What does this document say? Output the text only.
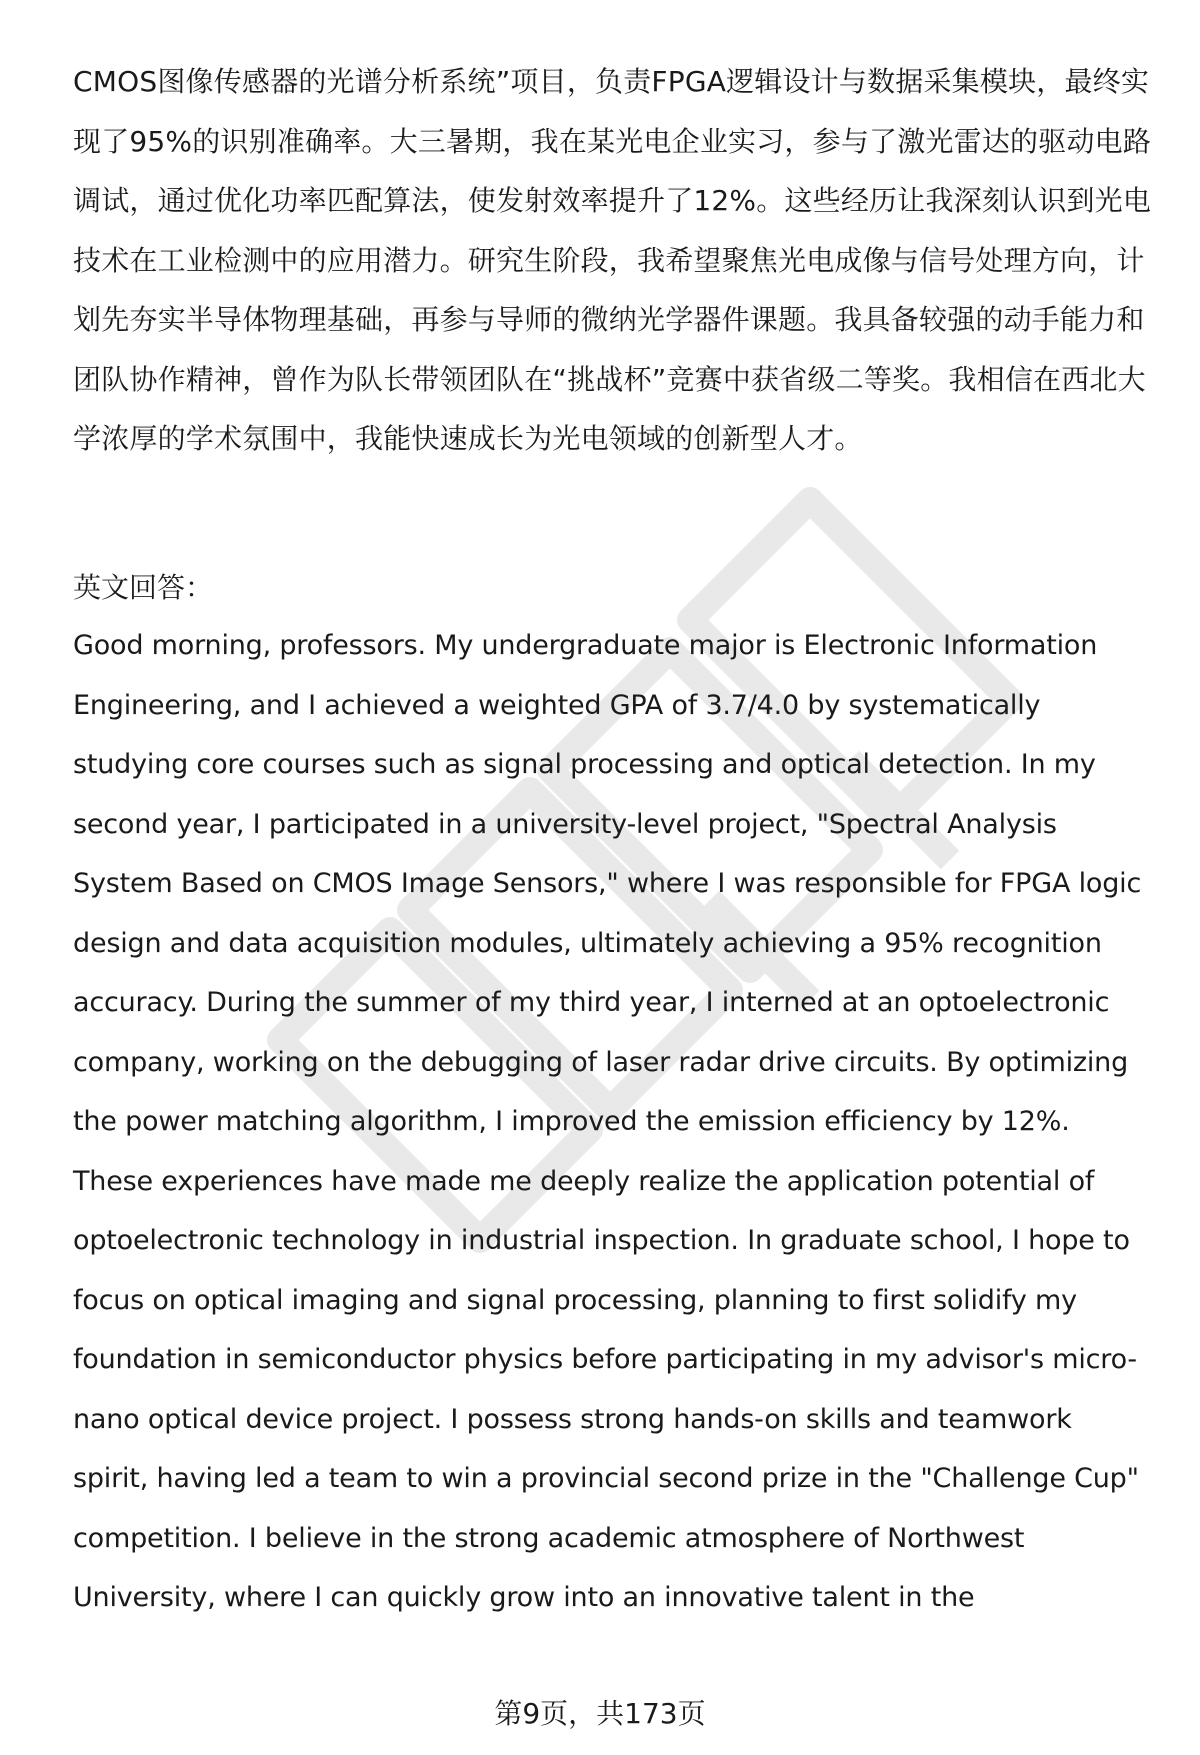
CMOS图像传感器的光谱分析系统”项目，负责FPGA逻辑设计与数据采集模块，最终实现了95%的识别准确率。大三暑期，我在某光电企业实习，参与了激光雷达的驱动电路调试，通过优化功率匹配算法，使发射效率提升了12%。这些经历让我深刻认识到光电技术在工业检测中的应用潜力。研究生阶段，我希望聚焦光电成像与信号处理方向，计划先夯实半导体物理基础，再参与导师的微纳光学器件课题。我具备较强的动手能力和团队协作精神，曾作为队长带领团队在“挑战杯”竞赛中获省级二等奖。我相信在西北大学浓厚的学术氛围中，我能快速成长为光电领域的创新型人才。

英文回答：

Good morning, professors. My undergraduate major is Electronic Information Engineering, and I achieved a weighted GPA of 3.7/4.0 by systematically studying core courses such as signal processing and optical detection. In my second year, I participated in a university-level project, "Spectral Analysis System Based on CMOS Image Sensors," where I was responsible for FPGA logic design and data acquisition modules, ultimately achieving a 95% recognition accuracy. During the summer of my third year, I interned at an optoelectronic company, working on the debugging of laser radar drive circuits. By optimizing the power matching algorithm, I improved the emission efficiency by 12%. These experiences have made me deeply realize the application potential of optoelectronic technology in industrial inspection. In graduate school, I hope to focus on optical imaging and signal processing, planning to first solidify my foundation in semiconductor physics before participating in my advisor's micro-nano optical device project. I possess strong hands-on skills and teamwork spirit, having led a team to win a provincial second prize in the "Challenge Cup" competition. I believe in the strong academic atmosphere of Northwest University, where I can quickly grow into an innovative talent in the

第9页，共173页
